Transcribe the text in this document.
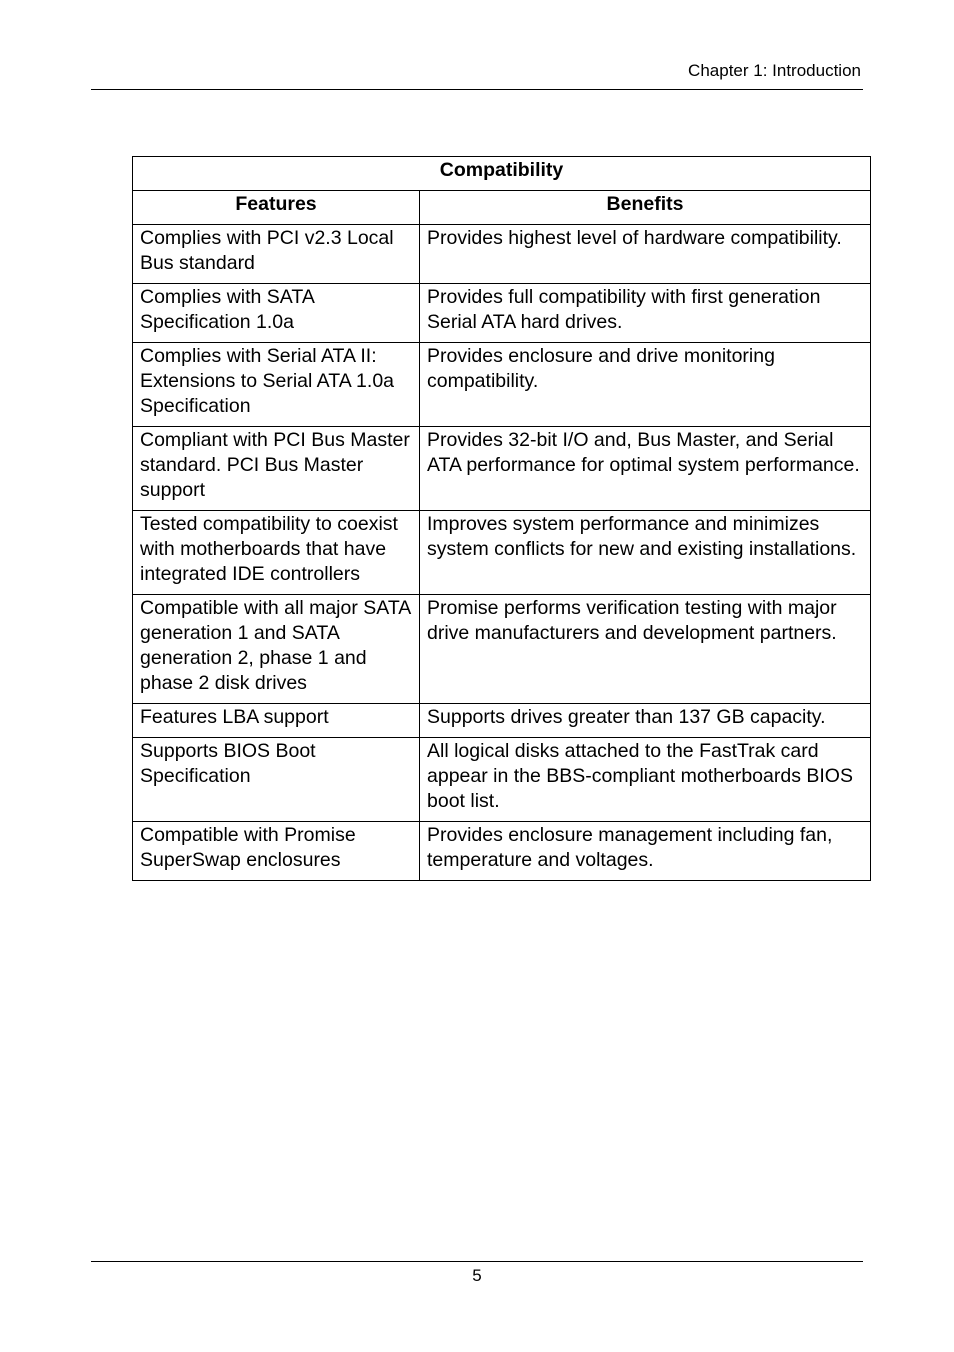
Chapter 1: Introduction
Compatibility	
Features	Benefits
Complies with PCI v2.3 Local Bus standard	Provides highest level of hardware compatibility.
Complies with SATA Specification 1.0a	Provides full compatibility with first generation Serial ATA hard drives.
Complies with Serial ATA II: Extensions to Serial ATA 1.0a Specification	Provides enclosure and drive monitoring compatibility.
Compliant with PCI Bus Master standard. PCI Bus Master support	Provides 32-bit I/O and, Bus Master, and Serial ATA performance for optimal system performance.
Tested compatibility to coexist with motherboards that have integrated IDE controllers	Improves system performance and minimizes system conflicts for new and existing installations.
Compatible with all major SATA generation 1 and SATA generation 2, phase 1 and phase 2 disk drives	Promise performs verification testing with major drive manufacturers and development partners.
Features LBA support	Supports drives greater than 137 GB capacity.
Supports BIOS Boot Specification	All logical disks attached to the FastTrak card appear in the BBS-compliant motherboards BIOS boot list.
Compatible with Promise SuperSwap enclosures	Provides enclosure management including fan, temperature and voltages.
5
